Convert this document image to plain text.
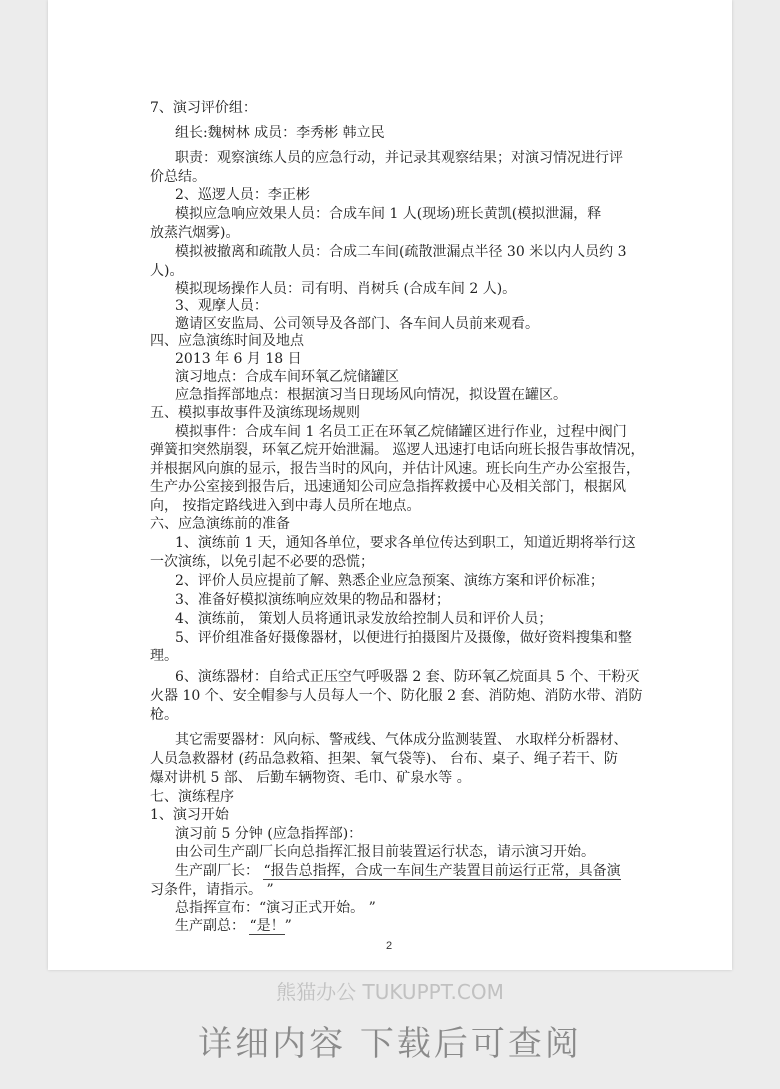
2
7、演习评价组：
组长:魏树林 成员：李秀彬 韩立民
职责：观察演练人员的应急行动，并记录其观察结果；对演习情况进行评
价总结。
2、巡逻人员：李正彬
模拟应急响应效果人员：合成车间 1 人(现场)班长黄凯(模拟泄漏，释
放蒸汽烟雾)。
模拟被撤离和疏散人员：合成二车间(疏散泄漏点半径 30 米以内人员约 3
人)。
模拟现场操作人员：司有明、肖树兵 (合成车间 2 人)。
3、观摩人员：
邀请区安监局、公司领导及各部门、各车间人员前来观看。
四、应急演练时间及地点
2013 年 6 月 18 日
演习地点：合成车间环氧乙烷储罐区
应急指挥部地点：根据演习当日现场风向情况，拟设置在罐区。
五、模拟事故事件及演练现场规则
模拟事件：合成车间 1 名员工正在环氧乙烷储罐区进行作业，过程中阀门
弹簧扣突然崩裂，环氧乙烷开始泄漏。 巡逻人迅速打电话向班长报告事故情况，
并根据风向旗的显示，报告当时的风向，并估计风速。班长向生产办公室报告，
生产办公室接到报告后，迅速通知公司应急指挥救援中心及相关部门，根据风
向， 按指定路线进入到中毒人员所在地点。
六、应急演练前的准备
1、演练前 1 天，通知各单位，要求各单位传达到职工，知道近期将举行这
一次演练，以免引起不必要的恐慌；
2、评价人员应提前了解、熟悉企业应急预案、演练方案和评价标准；
3、准备好模拟演练响应效果的物品和器材；
4、演练前， 策划人员将通讯录发放给控制人员和评价人员；
5、评价组准备好摄像器材，以便进行拍摄图片及摄像，做好资料搜集和整
理。
6、演练器材：自给式正压空气呼吸器 2 套、防环氧乙烷面具 5 个、干粉灭
火器 10 个、安全帽参与人员每人一个、防化服 2 套、消防炮、消防水带、消防
枪。
其它需要器材：风向标、警戒线、气体成分监测装置、 水取样分析器材、
人员急救器材 (药品急救箱、担架、氧气袋等)、 台布、桌子、绳子若干、防
爆对讲机 5 部、 后勤车辆物资、毛巾、矿泉水等 。
七、演练程序
1、演习开始
演习前 5 分钟 (应急指挥部)：
由公司生产副厂长向总指挥汇报目前装置运行状态，请示演习开始。
生产副厂长： “报告总指挥，合成一车间生产装置目前运行正常，具备演
习条件，请指示。 ”
总指挥宣布：“演习正式开始。 ”
生产副总： “是！”
熊猫办公 TUKUPPT.COM
详细内容 下载后可查阅
